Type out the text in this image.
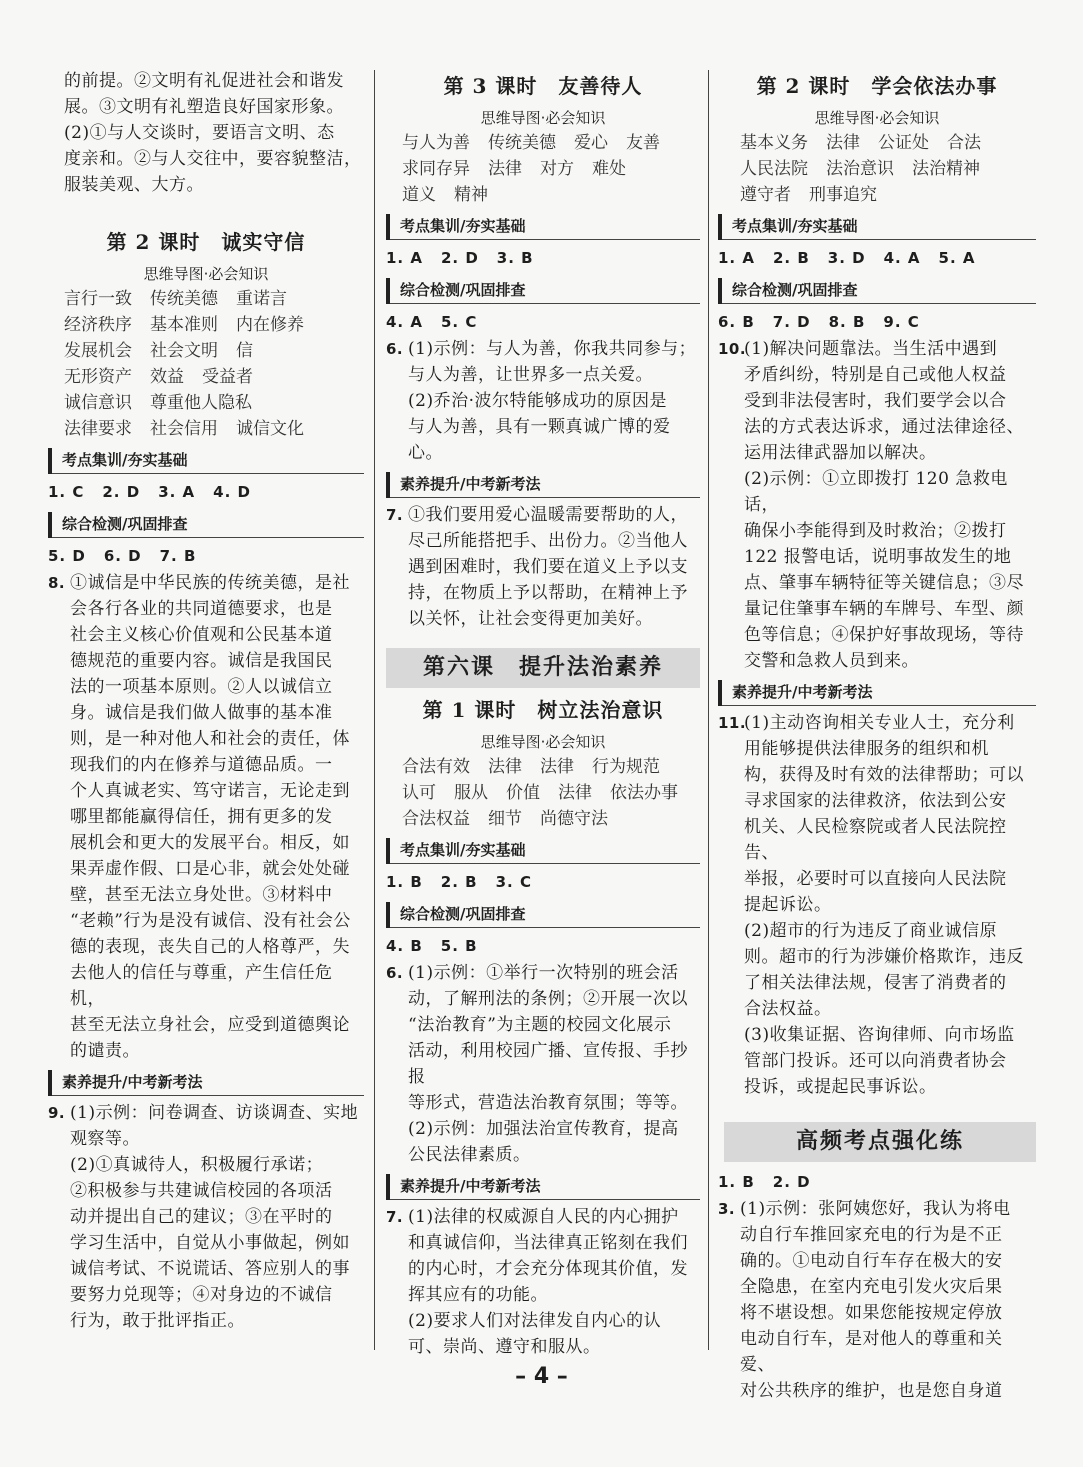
的前提。②文明有礼促进社会和谐发
展。③文明有礼塑造良好国家形象。
(2)①与人交谈时，要语言文明、态
度亲和。②与人交往中，要容貌整洁，
服装美观、大方。
第 2 课时　诚实守信
思维导图·必会知识
言行一致 传统美德 重诺言
经济秩序 基本准则 内在修养
发展机会 社会文明 信
无形资产 效益 受益者
诚信意识 尊重他人隐私
法律要求 社会信用 诚信文化
考点集训/夯实基础
1. C 2. D 3. A 4. D
综合检测/巩固排查
5. D 6. D 7. B
8. ①诚信是中华民族的传统美德，是社
会各行各业的共同道德要求，也是
社会主义核心价值观和公民基本道
德规范的重要内容。诚信是我国民
法的一项基本原则。②人以诚信立
身。诚信是我们做人做事的基本准
则，是一种对他人和社会的责任，体
现我们的内在修养与道德品质。一
个人真诚老实、笃守诺言，无论走到
哪里都能赢得信任，拥有更多的发
展机会和更大的发展平台。相反，如
果弄虚作假、口是心非，就会处处碰
壁，甚至无法立身处世。③材料中
“老赖”行为是没有诚信、没有社会公
德的表现，丧失自己的人格尊严，失
去他人的信任与尊重，产生信任危机，
甚至无法立身社会，应受到道德舆论
的谴责。
素养提升/中考新考法
9. (1)示例：问卷调查、访谈调查、实地
观察等。
(2)①真诚待人，积极履行承诺；
②积极参与共建诚信校园的各项活
动并提出自己的建议；③在平时的
学习生活中，自觉从小事做起，例如
诚信考试、不说谎话、答应别人的事
要努力兑现等；④对身边的不诚信
行为，敢于批评指正。
第 3 课时　友善待人
思维导图·必会知识
与人为善 传统美德 爱心 友善
求同存异 法律 对方 难处
道义 精神
考点集训/夯实基础
1. A 2. D 3. B
综合检测/巩固排查
4. A 5. C
6. (1)示例：与人为善，你我共同参与；
与人为善，让世界多一点关爱。
(2)乔治·波尔特能够成功的原因是
与人为善，具有一颗真诚广博的爱心。
素养提升/中考新考法
7. ①我们要用爱心温暖需要帮助的人，
尽己所能搭把手、出份力。②当他人
遇到困难时，我们要在道义上予以支
持，在物质上予以帮助，在精神上予
以关怀，让社会变得更加美好。
第六课　提升法治素养
第 1 课时　树立法治意识
思维导图·必会知识
合法有效 法律 法律 行为规范
认可 服从 价值 法律 依法办事
合法权益 细节 尚德守法
考点集训/夯实基础
1. B 2. B 3. C
综合检测/巩固排查
4. B 5. B
6. (1)示例：①举行一次特别的班会活
动，了解刑法的条例；②开展一次以
“法治教育”为主题的校园文化展示
活动，利用校园广播、宣传报、手抄报
等形式，营造法治教育氛围；等等。
(2)示例：加强法治宣传教育，提高
公民法律素质。
素养提升/中考新考法
7. (1)法律的权威源自人民的内心拥护
和真诚信仰，当法律真正铭刻在我们
的内心时，才会充分体现其价值，发
挥其应有的功能。
(2)要求人们对法律发自内心的认
可、崇尚、遵守和服从。
第 2 课时　学会依法办事
思维导图·必会知识
基本义务 法律 公证处 合法
人民法院 法治意识 法治精神
遵守者 刑事追究
考点集训/夯实基础
1. A 2. B 3. D 4. A 5. A
综合检测/巩固排查
6. B 7. D 8. B 9. C
10.
(1)解决问题靠法。当生活中遇到
矛盾纠纷，特别是自己或他人权益
受到非法侵害时，我们要学会以合
法的方式表达诉求，通过法律途径、
运用法律武器加以解决。
(2)示例：①立即拨打 120 急救电话，
确保小李能得到及时救治；②拨打
122 报警电话，说明事故发生的地
点、肇事车辆特征等关键信息；③尽
量记住肇事车辆的车牌号、车型、颜
色等信息；④保护好事故现场，等待
交警和急救人员到来。
素养提升/中考新考法
11.
(1)主动咨询相关专业人士，充分利
用能够提供法律服务的组织和机
构，获得及时有效的法律帮助；可以
寻求国家的法律救济，依法到公安
机关、人民检察院或者人民法院控告、
举报，必要时可以直接向人民法院
提起诉讼。
(2)超市的行为违反了商业诚信原
则。超市的行为涉嫌价格欺诈，违反
了相关法律法规，侵害了消费者的
合法权益。
(3)收集证据、咨询律师、向市场监
管部门投诉。还可以向消费者协会
投诉，或提起民事诉讼。
高频考点强化练
1. B 2. D
3. (1)示例：张阿姨您好，我认为将电
动自行车推回家充电的行为是不正
确的。①电动自行车存在极大的安
全隐患，在室内充电引发火灾后果
将不堪设想。如果您能按规定停放
电动自行车，是对他人的尊重和关爱、
对公共秩序的维护，也是您自身道
– 4 –
